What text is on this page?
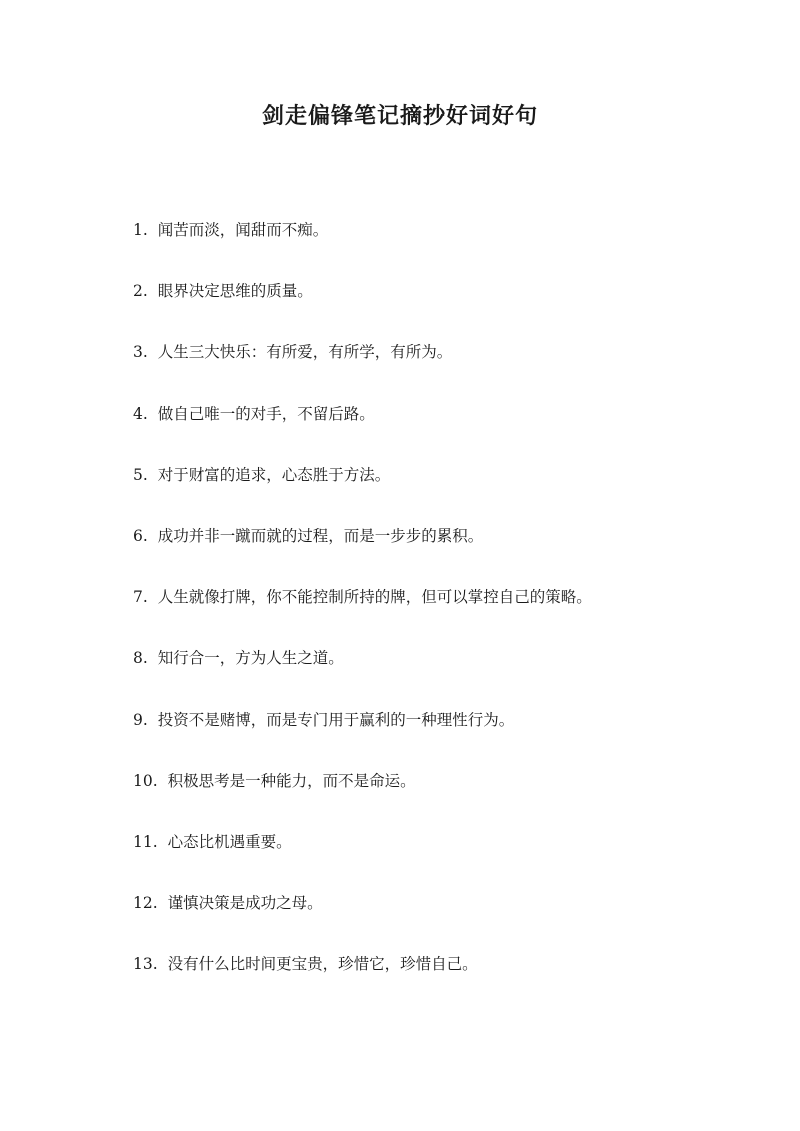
剑走偏锋笔记摘抄好词好句
1. 闻苦而淡，闻甜而不痴。
2. 眼界决定思维的质量。
3. 人生三大快乐：有所爱，有所学，有所为。
4. 做自己唯一的对手，不留后路。
5. 对于财富的追求，心态胜于方法。
6. 成功并非一蹴而就的过程，而是一步步的累积。
7. 人生就像打牌，你不能控制所持的牌，但可以掌控自己的策略。
8. 知行合一，方为人生之道。
9. 投资不是赌博，而是专门用于赢利的一种理性行为。
10. 积极思考是一种能力，而不是命运。
11. 心态比机遇重要。
12. 谨慎决策是成功之母。
13. 没有什么比时间更宝贵，珍惜它，珍惜自己。
